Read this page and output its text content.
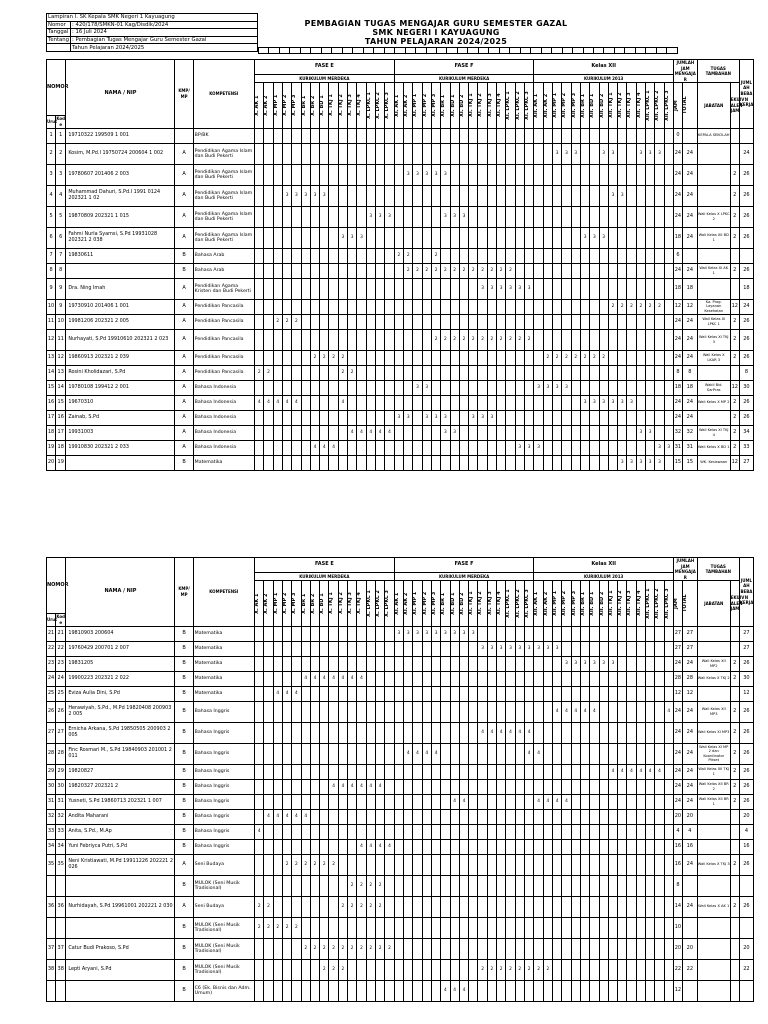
Lampiran I. SK Kepala SMK Negeri 1 Kayuagung	
Nomor	: 420/178/SMKN-01 Kag/Disdik/2024
Tanggal	: 16 Juli 2024
Tentang	: Pembagian Tugas Mengajar Guru Semester Gazal
	Tahun Pelajaran 2024/2025
PEMBAGIAN TUGAS MENGAJAR GURU SEMESTER GAZAL
SMK NEGERI I KAYUAGUNG
TAHUN PELAJARAN 2024/2025
NOMOR		NAMA / NIP	KMP/ MP	KOMPETENSI	FASE E															FASE F															Kelas XII															JUMLAH JAM MENGAJA R		TUGAS TAMBAHAN		JUML AH BEBA N KERJA
					KURIKULUM MERDEKA															KURIKULUM MERDEKA															KURIKULUM 2013																			

					X. AK 1	X. AK 2	X. MP 1	X. MP 2	X. MP 3	X. BR 1	X. BR 2	X. BD 1	X. TKJ 1	X. TKJ 2	X. TKJ 3	X. TKJ 4	X. LPKC 1	X. LPKC 2	X. LPKC 3	XI. AK 1	XI. AK 2	XI. MP 1	XI. MP 2	XI. MP 3	XI. BR 1	XI. BD 1	XI. BD 2	XI. TKJ 1	XI. TKJ 2	XI. TKJ 3	XI. TKJ 4	XI. LPKC 1	XI. LPKC 2	XI. LPKC 3	XII. AK 1	XII. AK 2	XII. MP 1	XII. MP 2	XII. MP 3	XII. BR 1	XII. BD 1	XII. BD 2	XII. TKJ 1	XII. TKJ 2	XII. TKJ 3	XII. TKJ 4	XII. LPKC 1	XII. LPKC 2	XII. LPKC 3	JAM	TOTAL	JABATAN	EKUIV ALEN JAM	
Urut	Kod e																																																					
1	1	19710322 199509 1 001		BP/BK																																														0		KEPALA SEKOLAH		
2	2	Kosim, M.Pd.I 19750724 200604 1 002	A	Pendidikan Agama Islam dan Budi Pekerti																																	3	3	3			3	3			3	3	3		24	24			24
3	3	19780607 201406 2 003	A	Pendidikan Agama Islam dan Budi Pekerti																	3	3	3	3	3																									24	24		2	26
4	4	Muhammad Dahuri, S.Pd.I 1991 0124 202321 1 02	A	Pendidikan Agama Islam dan Budi Pekerti				3	3	3	3	3																															3	3						24	24		2	26
5	5	19870809 202321 1 015	A	Pendidikan Agama Islam dan Budi Pekerti													3	3	3						3	3	3																							24	24	Wali Kelas X LPKC 2	2	26
6	6	Fahmi Nurla Syamsi, S.Pd 19931028 202321 2 038	A	Pendidikan Agama Islam dan Budi Pekerti										3	3	3																								3	3	3								18	24	Wali Kelas XII BD 1	2	26
7	7	19830611	B	Bahasa Arab																2	2			2																										6				
8	8		B	Bahasa Arab																	2	2	2	2	2	2	2	2	2	2	2	2																		24	24	Wali Kelas XI AK 1	2	26
9	9	Dra. Ning Imah	A	Pendidikan Agama Kristen dan Budi Pekerti																									3	3	3	3	3	3																18	18			18
10	9	19730910 201406 1 001	A	Pendidikan Pancasila																																							2	2	2	2	2	2		12	12	Ka. Prog. Layanan Kesehatan	12	24
11	10	19981206 202321 2 005	A	Pendidikan Pancasila			2	2	2																																									24	24	Wali Kelas XI LPKC 1	2	26
12	11	Nurhayati, S.Pd 19910610 202321 2 023	A	Pendidikan Pancasila																				2	2	2	2	2	2	2	2	2	2	2																24	24	Wali Kelas XI TKJ 3	2	26
13	12	19860913 202321 2 039	A	Pendidikan Pancasila							2	2	2	2																						2	2	2	2	2	2	2								24	24	Wali Kelas X LKAR 3	2	26
14	13	Rosini Kholidazari, S.Pd	A	Pendidikan Pancasila	2	2								2	2																																			8	8			8
15	14	19780108 199412 2 001	A	Bahasa Indonesia																		3	3												3	3	3	3												18	18	Wakil Bid. SarPras	12	30
16	15	19670310	A	Bahasa Indonesia	4	4	4	4	4					4																										3	3	3	3	3	3					24	24	Wali Kelas X MP 2	2	26
17	16	Zainab, S.Pd	A	Bahasa Indonesia																3	3		3	3	3			3	3	3																				24	24		2	26
18	17	19931003	A	Bahasa Indonesia											4	4	4	4	4						3	3																				3	3			32	32	Wali Kelas XI TKJ 4	2	34
19	18	19910830 202321 2 033	A	Bahasa Indonesia							4	4	4																				3	3	3													3	3	31	31	Wali Kelas X BD 1	2	33
20	19		B	Matematika																																								3	3	3	3	3		15	15	WK. Kesiswaan	12	27
NOMOR		NAMA / NIP	KMP/ MP	KOMPETENSI	FASE E															FASE F															Kelas XII															JUMLAH JAM MENGAJA R		TUGAS TAMBAHAN		JUML AH BEBA N KERJA
					KURIKULUM MERDEKA															KURIKULUM MERDEKA															KURIKULUM 2013																			

					X. AK 1	X. AK 2	X. MP 1	X. MP 2	X. MP 3	X. BR 1	X. BR 2	X. BD 1	X. TKJ 1	X. TKJ 2	X. TKJ 3	X. TKJ 4	X. LPKC 1	X. LPKC 2	X. LPKC 3	XI. AK 1	XI. AK 2	XI. MP 1	XI. MP 2	XI. MP 3	XI. BR 1	XI. BD 1	XI. BD 2	XI. TKJ 1	XI. TKJ 2	XI. TKJ 3	XI. TKJ 4	XI. LPKC 1	XI. LPKC 2	XI. LPKC 3	XII. AK 1	XII. AK 2	XII. MP 1	XII. MP 2	XII. MP 3	XII. BR 1	XII. BD 1	XII. BD 2	XII. TKJ 1	XII. TKJ 2	XII. TKJ 3	XII. TKJ 4	XII. LPKC 1	XII. LPKC 2	XII. LPKC 3	JAM	TOTAL	JABATAN	EKUIV ALEN JAM	
Urut	Kod e																																																					
21	21	19810903 200604	B	Matematika																3	3	3	3	3	3	3	3	3																						27	27			27
22	22	19760429 200701 2 007	B	Matematika																									3	3	3	3	3	3	3	3	3													27	27			27
23	23	19831205	B	Matematika																																		3	3	3	3	3	3							24	24	Wali Kelas XII MP2	2	26
24	24	19900223 202321 2 022	B	Matematika						4	4	4	4	4	4	4																																		28	28	Wali Kelas X TKJ 2	2	30
25	25	Eviza Aulia Dini, S.Pd	B	Matematika			4	4	4																																									12	12			12
26	26	Herawiyah, S.Pd., M.Pd 19820408 200903 2 005	B	Bahasa Inggris																																	4	4	4	4	4								4	24	24	Wali Kelas XII MP3	2	26
27	27	Ernicha Arkana, S.Pd 19850505 200903 2 005	B	Bahasa Inggris																									4	4	4	4	4	4																24	24	Wali Kelas XI MP3	2	26
28	28	Finc Rosmari M., S.Pd 19840903 201001 2 011	B	Bahasa Inggris																	4	4	4	4										4	4															24	24	Wali Kelas XI MP 2 dan Koordinator Pikset	2	26
29	29	19820827	B	Bahasa Inggris																																							4	4	4	4	4	4		24	24	Wali Kelas XII TKJ 1	2	26
30	30	19820327 202321 2	B	Bahasa Inggris									4	4	4	4	4	4																																24	24	Wali Kelas XII BR 2	2	26
31	31	Yusneti, S.Pd 19860713 202321 1 007	B	Bahasa Inggris																						4	4								4	4	4	4												24	24	Wali Kelas XII BR 1	2	26
32	32	Andita Maharani	B	Bahasa Inggris		4	4	4	4	4																																								20	20			20
33	33	Anita, S.Pd., M.Ap	B	Bahasa Inggris	4																																													4	4			4
34	34	Yuni Febriyca Putri, S.Pd	B	Bahasa Inggris												4	4	4	4																															16	16			16
35	35	Neni Kristiawati, M.Pd 19911226 202221 2 026	A	Seni Budaya				2	2	2	2	2	2																																					16	24	Wali Kelas X TKJ 3	2	26
			B	MULOK (Seni Musik Tradisional)											2	2	2	2																																8				
36	36	Nurhidayah, S.Pd 19961001 202221 2 030	A	Seni Budaya	2	2								2	2	2	2	2																																14	24	Wali Kelas X AK 1	2	26
			B	MULOK (Seni Musik Tradisional)	2	2	2	2	2																																									10				
37	37	Catur Budi Prakoso, S.Pd	B	MULOK (Seni Musik Tradisional)						2	2	2	2	2	2	2	2	2	2																															20	20			20
38	38	Lepti Aryani, S.Pd	B	MULOK (Seni Musik Tradisional)								2	2	2															2	2	2	2	2	2	2	2														22	22			22
			B	C6 (Ek. Bisnis dan Adm. Umum)																					4	4	4																							12				
